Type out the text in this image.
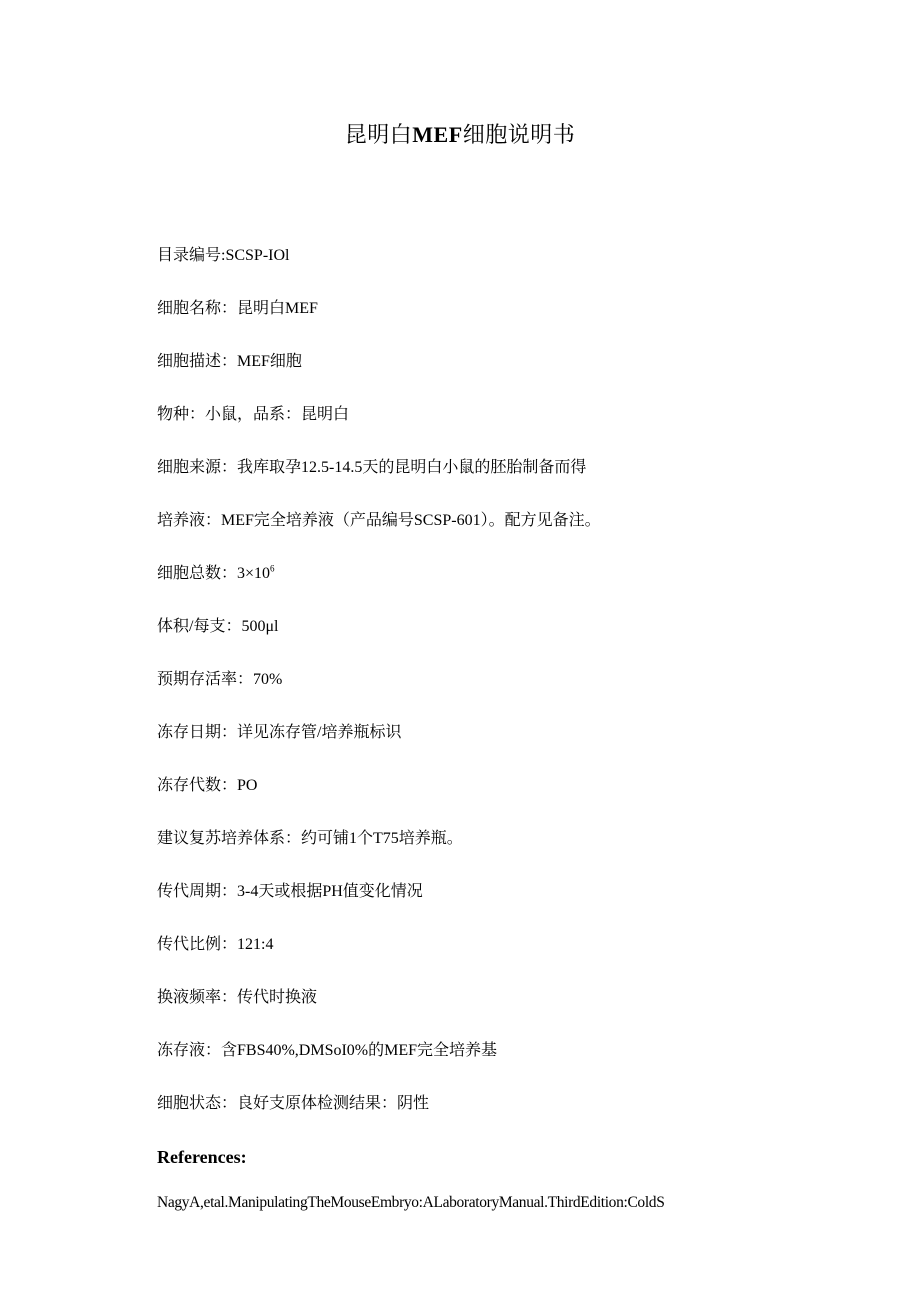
昆明白MEF细胞说明书
目录编号:SCSP-IOl
细胞名称：昆明白MEF
细胞描述：MEF细胞
物种：小鼠，品系：昆明白
细胞来源：我库取孕12.5-14.5天的昆明白小鼠的胚胎制备而得
培养液：MEF完全培养液（产品编号SCSP-601）。配方见备注。
细胞总数：$3\times 10^6$
体积/每支：500μl
预期存活率：70%
冻存日期：详见冻存管/培养瓶标识
冻存代数：PO
建议复苏培养体系：约可铺1个T75培养瓶。
传代周期：3-4天或根据PH值变化情况
传代比例：121:4
换液频率：传代时换液
冻存液：含FBS40%,DMSoI0%的MEF完全培养基
细胞状态：良好支原体检测结果：阴性
References:
NagyA,etal.ManipulatingTheMouseEmbryo:ALaboratoryManual.ThirdEdition:ColdS
